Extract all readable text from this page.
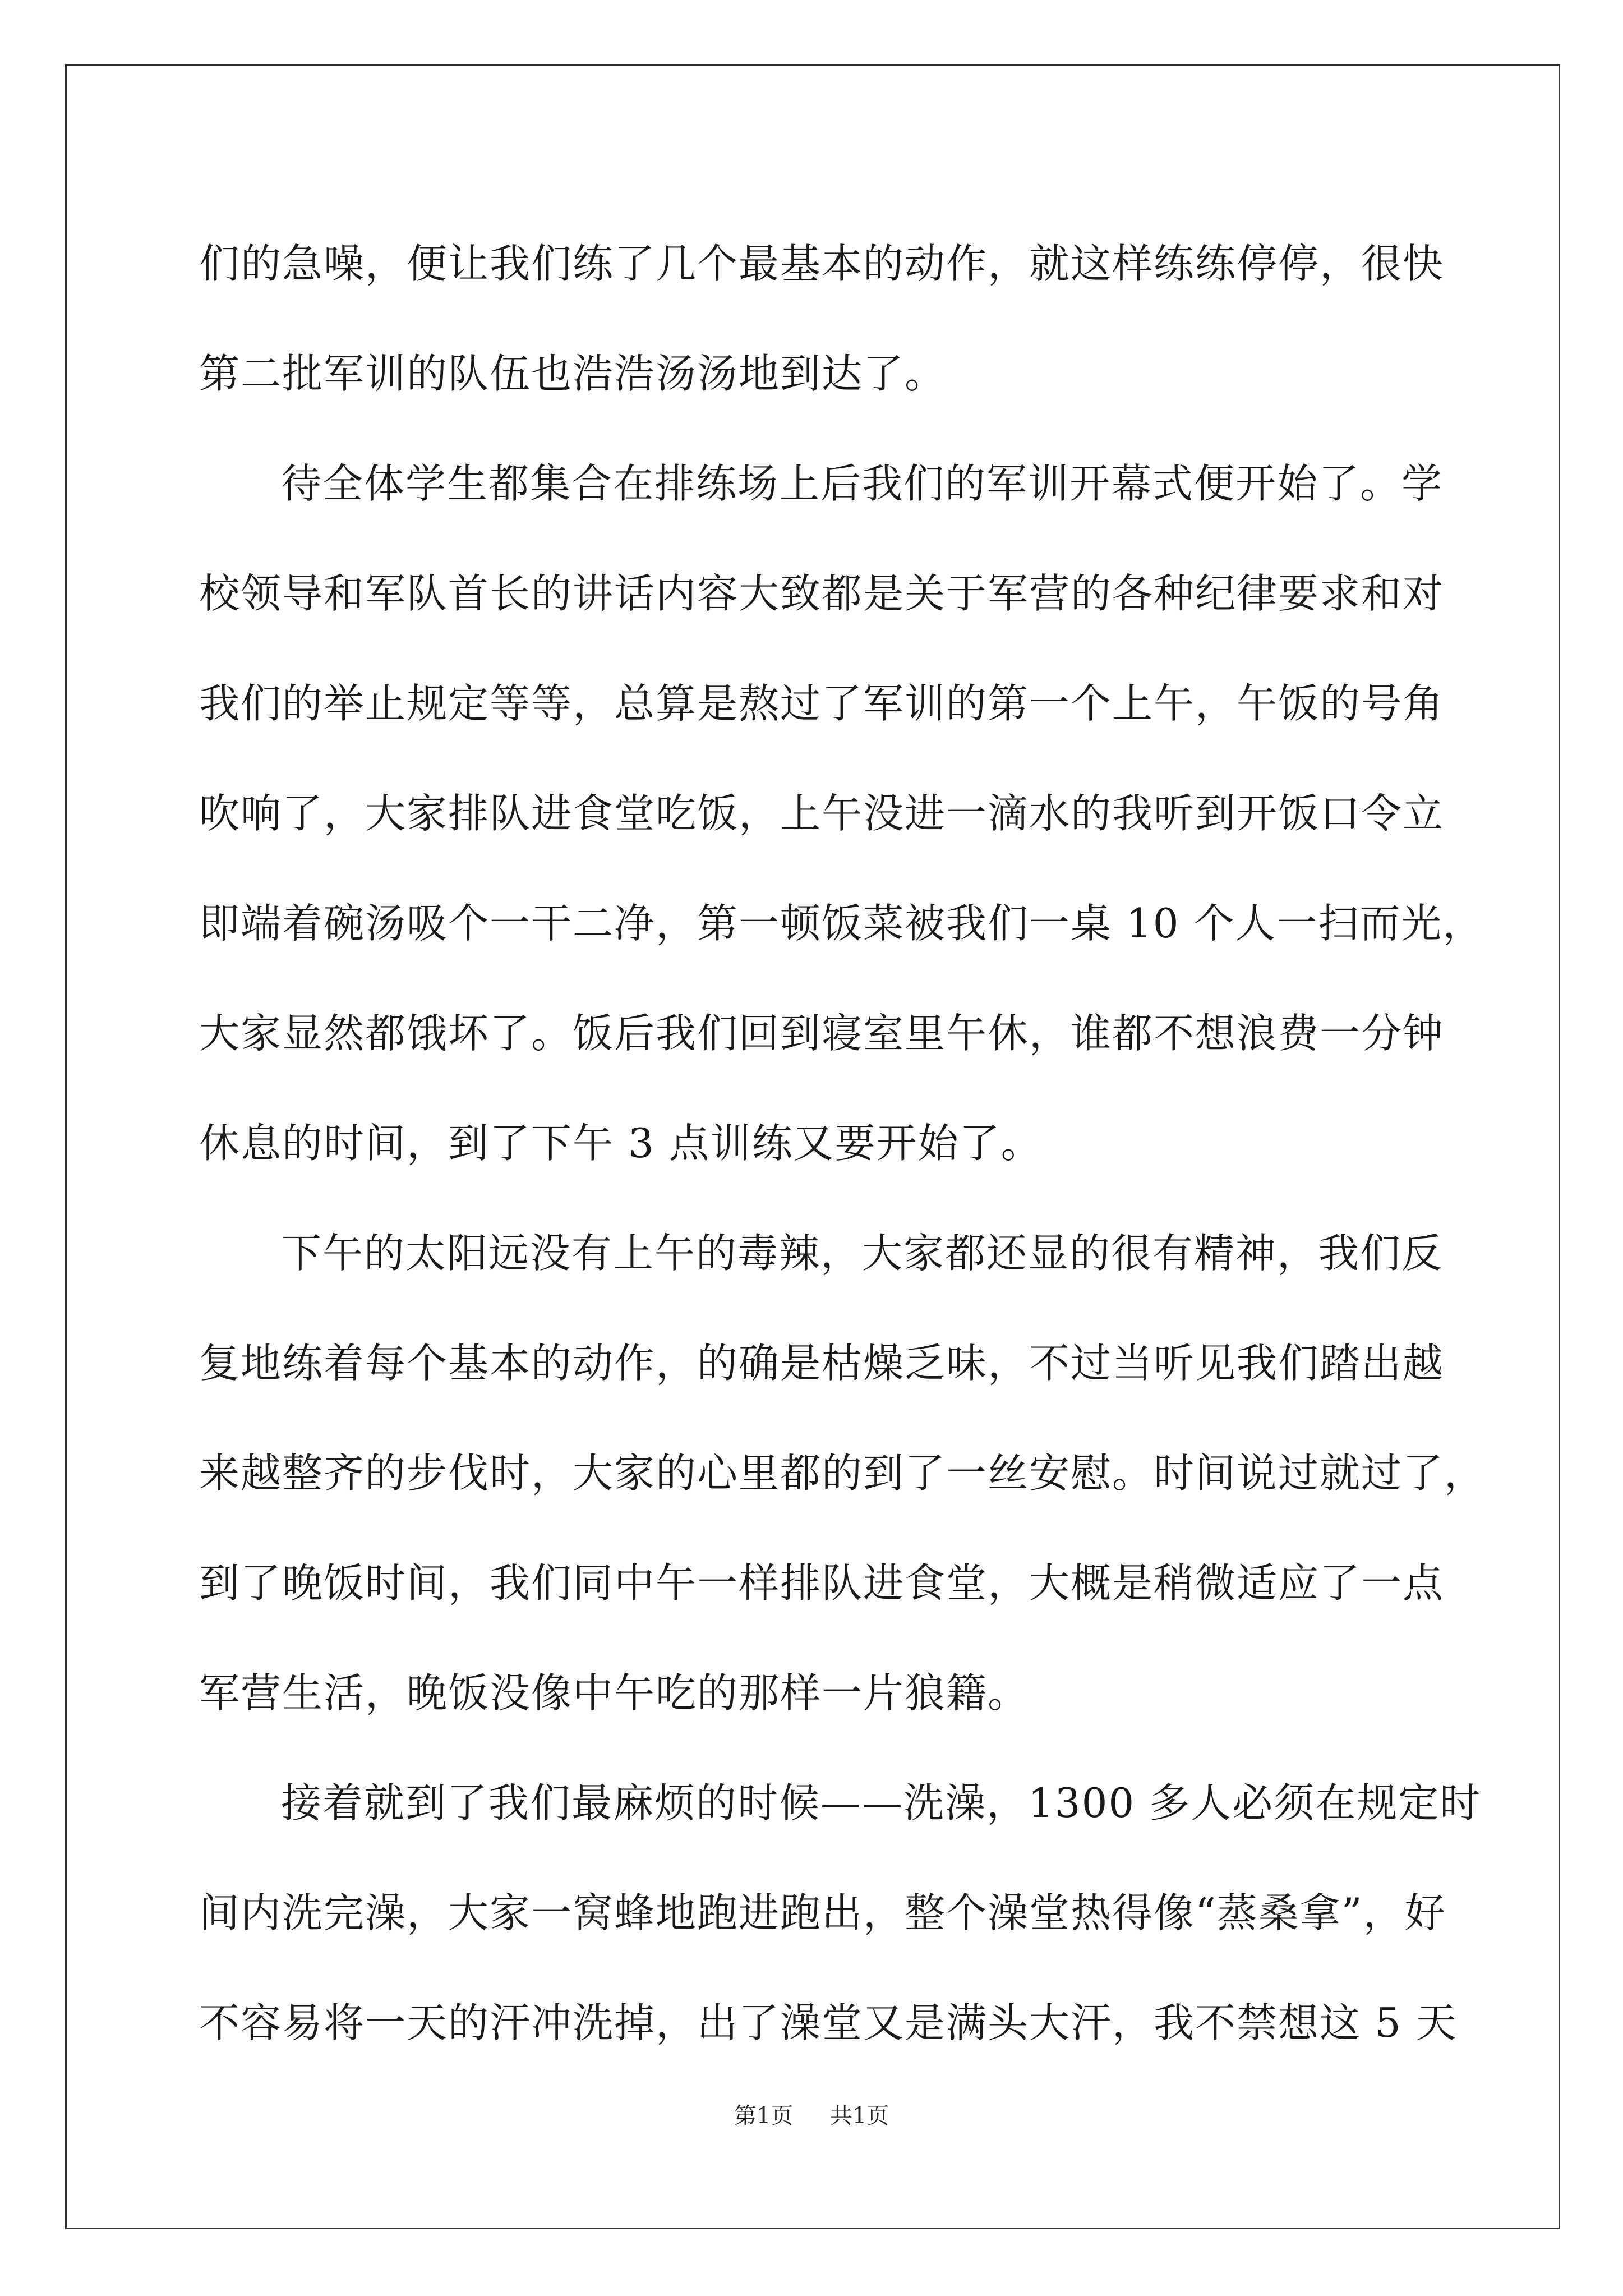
们的急噪，便让我们练了几个最基本的动作，就这样练练停停，很快
第二批军训的队伍也浩浩汤汤地到达了。
待全体学生都集合在排练场上后我们的军训开幕式便开始了。学
校领导和军队首长的讲话内容大致都是关于军营的各种纪律要求和对
我们的举止规定等等，总算是熬过了军训的第一个上午，午饭的号角
吹响了，大家排队进食堂吃饭，上午没进一滴水的我听到开饭口令立
即端着碗汤吸个一干二净，第一顿饭菜被我们一桌 10 个人一扫而光，
大家显然都饿坏了。饭后我们回到寝室里午休，谁都不想浪费一分钟
休息的时间，到了下午 3 点训练又要开始了。
下午的太阳远没有上午的毒辣，大家都还显的很有精神，我们反
复地练着每个基本的动作，的确是枯燥乏味，不过当听见我们踏出越
来越整齐的步伐时，大家的心里都的到了一丝安慰。时间说过就过了，
到了晚饭时间，我们同中午一样排队进食堂，大概是稍微适应了一点
军营生活，晚饭没像中午吃的那样一片狼籍。
接着就到了我们最麻烦的时候——洗澡，1300 多人必须在规定时
间内洗完澡，大家一窝蜂地跑进跑出，整个澡堂热得像“蒸桑拿”，好
不容易将一天的汗冲洗掉，出了澡堂又是满头大汗，我不禁想这 5 天
第1页 共1页
